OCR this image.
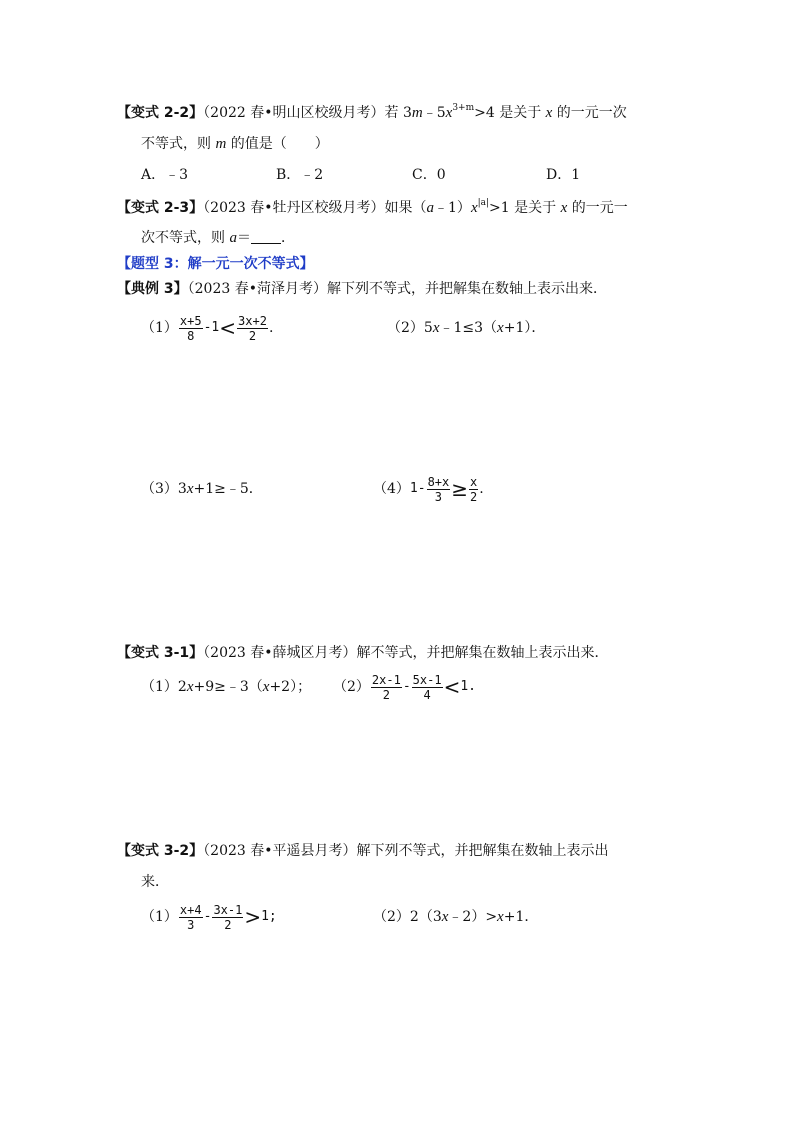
【变式 2-2】（2022 春•明山区校级月考）若 $3m﹣5x^{3+m}>4$ 是关于 x 的一元一次
不等式，则 m 的值是（　　）
A．﹣3	B．﹣2	C．0	D．1
【变式 2-3】（2023 春•牡丹区校级月考）如果$(a﹣1)x^{|a|}>1$ 是关于 x 的一元一
次不等式，则 a＝ ．
【题型 3：解一元一次不等式】
【典例 3】（2023 春•菏泽月考）解下列不等式，并把解集在数轴上表示出来．
$(1) \frac{x+5}{8} -1< \frac{3x+2}{2}$ .	（2）5x﹣1≤3（x+1）．
（3）3x+1≥﹣5．	$(4)1- \frac{8+x}{3} \ge \frac{x}{2}$ .
【变式 3-1】（2023 春•薛城区月考）解不等式，并把解集在数轴上表示出来．
（1）2x+9≥﹣3（x+2）； $(2) \frac{2x-1}{2} - \frac{5x-1}{4} <1$.
【变式 3-2】（2023 春•平遥县月考）解下列不等式，并把解集在数轴上表示出
来．
$(1) \frac{x+4}{3} - \frac{3x-1}{2} >1$;	（2）2（3x﹣2）>x+1．
